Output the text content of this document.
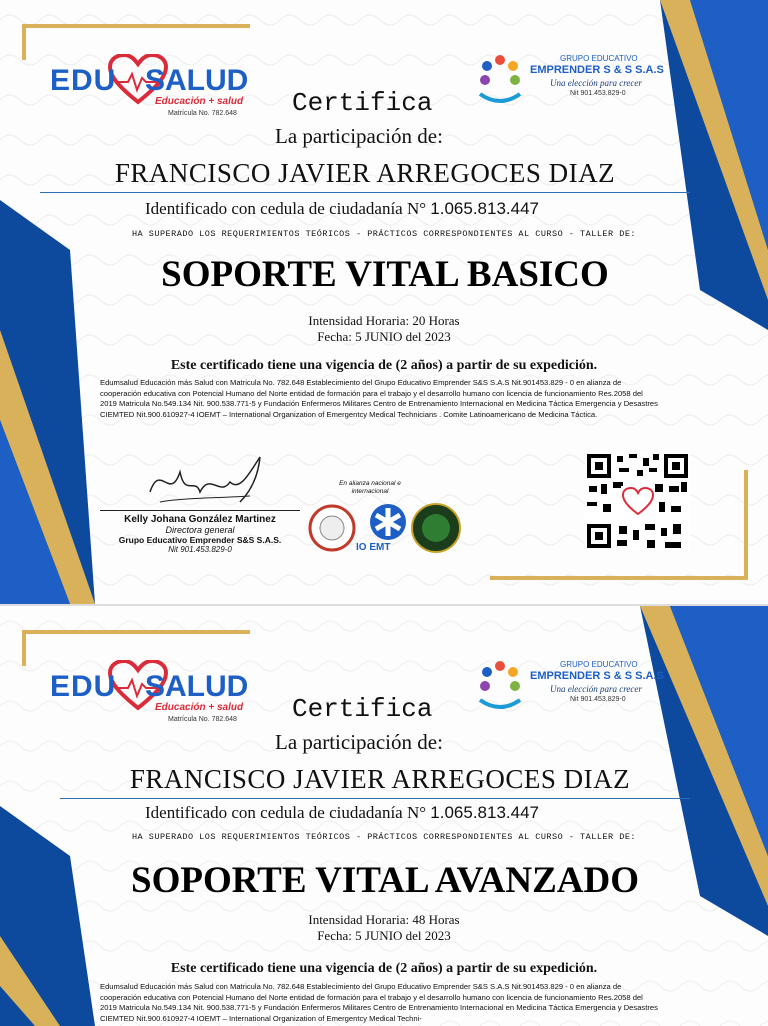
EDU SALUD
Educación + salud
Matrícula No. 782.648
GRUPO EDUCATIVO
EMPRENDER S & S S.A.S
Una elección para crecer
Nit 901.453.829-0
Certifica
La participación de:
FRANCISCO JAVIER ARREGOCES DIAZ
Identificado con cedula de ciudadanía N° 1.065.813.447
HA SUPERADO LOS REQUERIMIENTOS TEÓRICOS - PRÁCTICOS CORRESPONDIENTES AL CURSO - TALLER DE:
SOPORTE VITAL BASICO
Intensidad Horaria: 20 Horas
Fecha: 5 JUNIO del 2023
Este certificado tiene una vigencia de (2 años) a partir de su expedición.
Edumsalud Educación más Salud con Matricula No. 782.648 Establecimiento del Grupo Educativo Emprender S&S S.A.S Nit.901453.829 - 0 en alianza de cooperación educativa con Potencial Humano del Norte entidad de formación para el trabajo y el desarrollo humano con licencia de funcionamiento Res.2058 del 2019 Matricula No.549.134 Nit. 900.538.771-5 y Fundación Enfermeros Militares Centro de Entrenamiento Internacional en Medicina Táctica Emergencia y Desastres CIEMTED Nit.900.610927-4 IOEMT – International Organization of Emergentcy Medical Technicians . Comite Latinoamericano de Medicina Táctica.
Kelly Johana González Martinez
Directora general
Grupo Educativo Emprender S&S S.A.S.
Nit 901.453.829-0
En alianza nacional e internacional
IO EMT
EDU SALUD
Educación + salud
Matrícula No. 782.648
GRUPO EDUCATIVO
EMPRENDER S & S S.A.S
Una elección para crecer
Nit 901.453.829-0
Certifica
La participación de:
FRANCISCO JAVIER ARREGOCES DIAZ
Identificado con cedula de ciudadanía N° 1.065.813.447
HA SUPERADO LOS REQUERIMIENTOS TEÓRICOS - PRÁCTICOS CORRESPONDIENTES AL CURSO - TALLER DE:
SOPORTE VITAL AVANZADO
Intensidad Horaria: 48 Horas
Fecha: 5 JUNIO del 2023
Este certificado tiene una vigencia de (2 años) a partir de su expedición.
Edumsalud Educación más Salud con Matricula No. 782.648 Establecimiento del Grupo Educativo Emprender S&S S.A.S Nit.901453.829 - 0 en alianza de cooperación educativa con Potencial Humano del Norte entidad de formación para el trabajo y el desarrollo humano con licencia de funcionamiento Res.2058 del 2019 Matricula No.549.134 Nit. 900.538.771-5 y Fundación Enfermeros Militares Centro de Entrenamiento Internacional en Medicina Táctica Emergencia y Desastres CIEMTED Nit.900.610927-4 IOEMT – International Organization of Emergentcy Medical Techni-
